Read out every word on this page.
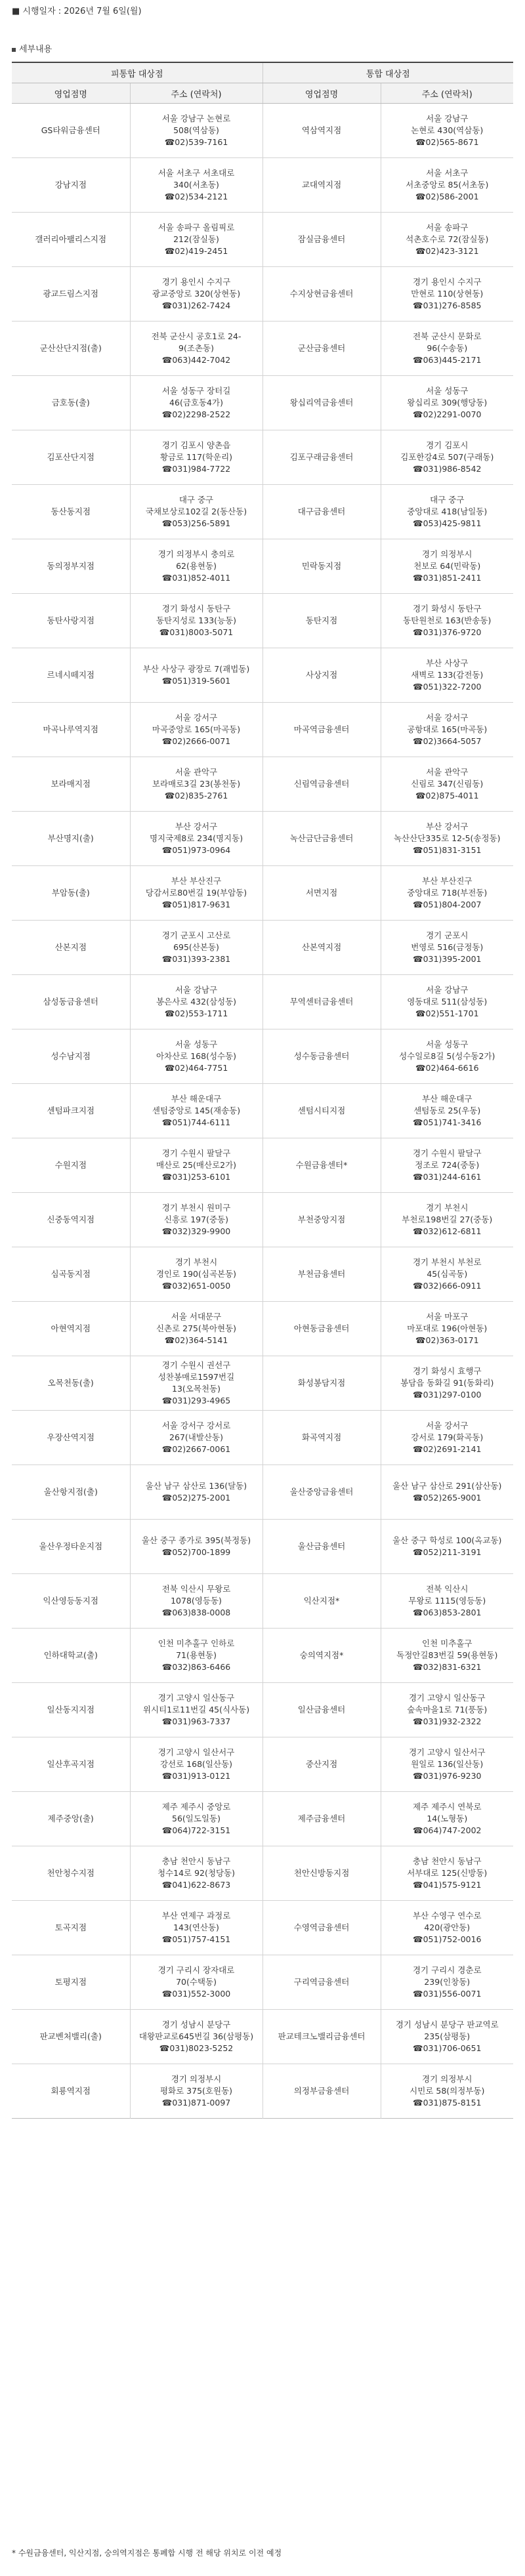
■ 시행일자 : 2026년 7월 6일(월)
세부내용
피통합 대상점		통합 대상점	
영업점명	주소 (연락처)	영업점명	주소 (연락처)
GS타워금융센터	서울 강남구 논현로
508(역삼동)
☎02)539-7161	역삼역지점	서울 강남구
논현로 430(역삼동)
☎02)565-8671

강남지점	서울 서초구 서초대로
340(서초동)
☎02)534-2121	교대역지점	서울 서초구
서초중앙로 85(서초동)
☎02)586-2001

갤러리아팰리스지점	서울 송파구 올림픽로
212(잠실동)
☎02)419-2451	잠실금융센터	서울 송파구
석촌호수로 72(잠실동)
☎02)423-3121

광교드림스지점	경기 용인시 수지구
광교중앙로 320(상현동)
☎031)262-7424	수지상현금융센터	경기 용인시 수지구
만현로 110(상현동)
☎031)276-8585

군산산단지점(출)	전북 군산시 공호1로 24-
9(조촌동)
☎063)442-7042	군산금융센터	전북 군산시 문화로
96(수송동)
☎063)445-2171

금호동(출)	서울 성동구 장터길
46(금호동4가)
☎02)2298-2522	왕십리역금융센터	서울 성동구
왕십리로 309(행당동)
☎02)2291-0070

김포산단지점	경기 김포시 양촌읍
황금로 117(학운리)
☎031)984-7722	김포구래금융센터	경기 김포시
김포한강4로 507(구래동)
☎031)986-8542

동산동지점	대구 중구
국채보상로102길 2(동산동)
☎053)256-5891	대구금융센터	대구 중구
중앙대로 418(남일동)
☎053)425-9811

동의정부지점	경기 의정부시 충의로
62(용현동)
☎031)852-4011	민락동지점	경기 의정부시
천보로 64(민락동)
☎031)851-2411

동탄사랑지점	경기 화성시 동탄구
동탄지성로 133(능동)
☎031)8003-5071	동탄지점	경기 화성시 동탄구
동탄원천로 163(반송동)
☎031)376-9720

르네시떼지점	부산 사상구 광장로 7(괘법동)
☎051)319-5601	사상지점	부산 사상구
새벽로 133(감전동)
☎051)322-7200

마곡나루역지점	서울 강서구
마곡중앙로 165(마곡동)
☎02)2666-0071	마곡역금융센터	서울 강서구
공항대로 165(마곡동)
☎02)3664-5057

보라매지점	서울 관악구
보라매로3길 23(봉천동)
☎02)835-2761	신림역금융센터	서울 관악구
신림로 347(신림동)
☎02)875-4011

부산명지(출)	부산 강서구
명지국제8로 234(명지동)
☎051)973-0964	녹산금단금융센터	부산 강서구
녹산산단335로 12-5(송정동)
☎051)831-3151

부암동(출)	부산 부산진구
당감서로80번길 19(부암동)
☎051)817-9631	서면지점	부산 부산진구
중앙대로 718(부전동)
☎051)804-2007

산본지점	경기 군포시 고산로
695(산본동)
☎031)393-2381	산본역지점	경기 군포시
번영로 516(금정동)
☎031)395-2001

삼성동금융센터	서울 강남구
봉은사로 432(삼성동)
☎02)553-1711	무역센터금융센터	서울 강남구
영동대로 511(삼성동)
☎02)551-1701

성수남지점	서울 성동구
아차산로 168(성수동)
☎02)464-7751	성수동금융센터	서울 성동구
성수일로8길 5(성수동2가)
☎02)464-6616

센텀파크지점	부산 해운대구
센텀중앙로 145(재송동)
☎051)744-6111	센텀시티지점	부산 해운대구
센텀동로 25(우동)
☎051)741-3416

수원지점	경기 수원시 팔달구
매산로 25(매산로2가)
☎031)253-6101	수원금융센터*	경기 수원시 팔달구
정조로 724(중동)
☎031)244-6161

신중동역지점	경기 부천시 원미구
신흥로 197(중동)
☎032)329-9900	부천중앙지점	경기 부천시
부천로198번길 27(중동)
☎032)612-6811

심곡동지점	경기 부천시
경인로 190(심곡본동)
☎032)651-0050	부천금융센터	경기 부천시 부천로
45(심곡동)
☎032)666-0911

아현역지점	서울 서대문구
신촌로 275(북아현동)
☎02)364-5141	아현동금융센터	서울 마포구
마포대로 196(아현동)
☎02)363-0171

오목천동(출)	경기 수원시 권선구
성찬봉매로1597번길 13(오목천동)
☎031)293-4965	화성봉담지점	경기 화성시 효행구
봉담읍 동화길 91(동화리)
☎031)297-0100

우장산역지점	서울 강서구 강서로
267(내발산동)
☎02)2667-0061	화곡역지점	서울 강서구
강서로 179(화곡동)
☎02)2691-2141

울산항지점(출)	울산 남구 삼산로 136(달동)
☎052)275-2001	울산중앙금융센터	울산 남구 삼산로 291(삼산동)
☎052)265-9001

울산우정타운지점	울산 중구 종가로 395(북정동)
☎052)700-1899	울산금융센터	울산 중구 학성로 100(옥교동)
☎052)211-3191

익산영등동지점	전북 익산시 무왕로
1078(영등동)
☎063)838-0008	익산지점*	전북 익산시
무왕로 1115(영등동)
☎063)853-2801

인하대학교(출)	인천 미추홀구 인하로
71(용현동)
☎032)863-6466	숭의역지점*	인천 미추홀구
독정안길83번길 59(용현동)
☎032)831-6321

일산동지지점	경기 고양시 일산동구
위시티1로11번길 45(식사동)
☎031)963-7337	일산금융센터	경기 고양시 일산동구
숲속마을1로 71(풍동)
☎031)932-2322

일산후곡지점	경기 고양시 일산서구
강선로 168(일산동)
☎031)913-0121	중산지점	경기 고양시 일산서구
원일로 136(일산동)
☎031)976-9230

제주중앙(출)	제주 제주시 중앙로
56(일도일동)
☎064)722-3151	제주금융센터	제주 제주시 연북로
14(노형동)
☎064)747-2002

천안청수지점	충남 천안시 동남구
청수14로 92(청당동)
☎041)622-8673	천안신방동지점	충남 천안시 동남구
서부대로 125(신방동)
☎041)575-9121

토곡지점	부산 연제구 과정로
143(연산동)
☎051)757-4151	수영역금융센터	부산 수영구 연수로
420(광안동)
☎051)752-0016

토평지점	경기 구리시 장자대로
70(수택동)
☎031)552-3000	구리역금융센터	경기 구리시 경춘로
239(인창동)
☎031)556-0071

판교벤처밸리(출)	경기 성남시 분당구
대왕판교로645번길 36(삼평동)
☎031)8023-5252	판교테크노밸리금융센터	경기 성남시 분당구 판교역로
235(삼평동)
☎031)706-0651

회룡역지점	경기 의정부시
평화로 375(호원동)
☎031)871-0097	의정부금융센터	경기 의정부시
시민로 58(의정부동)
☎031)875-8151
* 수원금융센터, 익산지점, 숭의역지점은 통폐합 시행 전 해당 위치로 이전 예정
